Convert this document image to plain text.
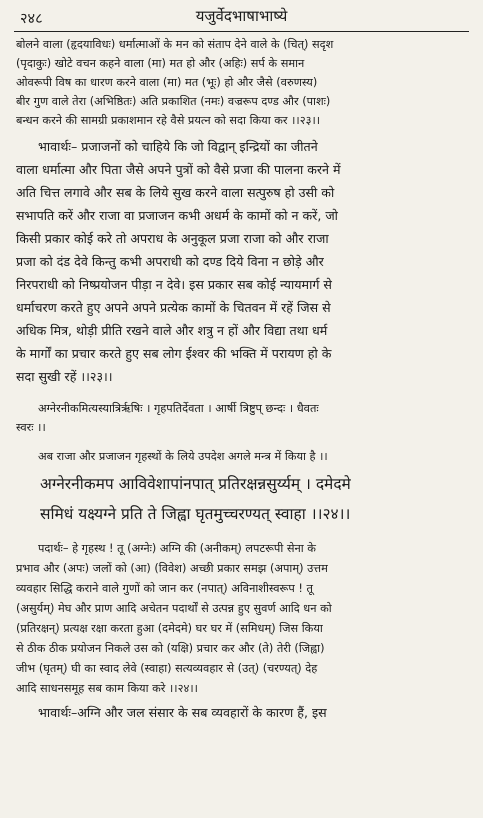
२४८	यजुर्वेदभाषाभाष्ये
बोलने वाला (हृदयाविधः) धर्मात्माओं के मन को संताप देने वाले के (चित्) सदृश
(पृदाकुः) खोटे वचन कहने वाला (मा) मत हो और (अहिः) सर्प के समान
ओवरूपी विष का धारण करने वाला (मा) मत (भूः) हो और जैसे (वरुणस्य)
बीर गुण वाले तेरा (अभिष्ठितः) अति प्रकाशित (नमः) वज्ररूप दण्ड और (पाशः)
बन्धन करने की सामग्री प्रकाशमान रहे वैसे प्रयत्न को सदा किया कर ।।२३।।
भावार्थः– प्रजाजनों को चाहिये कि जो विद्वान् इन्द्रियों का जीतने
वाला धर्मात्मा और पिता जैसे अपने पुत्रों को वैसे प्रजा की पालना करने में
अति चित्त लगावे और सब के लिये सुख करने वाला सत्पुरुष हो उसी को
सभापति करें और राजा वा प्रजाजन कभी अधर्म के कामों को न करें, जो
किसी प्रकार कोई करे तो अपराध के अनुकूल प्रजा राजा को और राजा
प्रजा को दंड देवे किन्तु कभी अपराधी को दण्ड दिये विना न छोड़े और
निरपराधी को निष्प्रयोजन पीड़ा न देवे। इस प्रकार सब कोई न्यायमार्ग से
धर्माचरण करते हुए अपने अपने प्रत्येक कामों के चितवन में रहें जिस से
अधिक मित्र, थोड़ी प्रीति रखने वाले और शत्रु न हों और विद्या तथा धर्म
के मार्गों का प्रचार करते हुए सब लोग ईश्वर की भक्ति में परायण हो के
सदा सुखी रहें ।।२३।।
अग्नेरनीकमित्यस्यात्रिर्ऋषिः । गृहपतिर्देवता । आर्षी त्रिष्टुप् छन्दः । धैवतः
स्वरः ।।
अब राजा और प्रजाजन गृहस्थों के लिये उपदेश अगले मन्त्र में किया है ।।
अग्नेरनीकमप आविवेशापांनपात् प्रतिरक्षन्नसुर्य्यम् । दमेदमे
समिधं यक्ष्यग्ने प्रति ते जिह्वा घृतमुच्चरण्यत् स्वाहा ।।२४।।
पदार्थः– हे गृहस्थ ! तू (अग्नेः) अग्नि की (अनीकम्) लपटरूपी सेना के
प्रभाव और (अपः) जलों को (आ) (विवेश) अच्छी प्रकार समझ (अपाम्) उत्तम
व्यवहार सिद्धि कराने वाले गुणों को जान कर (नपात्) अविनाशीस्वरूप ! तू
(असुर्यम्) मेघ और प्राण आदि अचेतन पदार्थों से उत्पन्न हुए सुवर्ण आदि धन को
(प्रतिरक्षन्) प्रत्यक्ष रक्षा करता हुआ (दमेदमे) घर घर में (समिधम्) जिस किया
से ठीक ठीक प्रयोजन निकले उस को (यक्षि) प्रचार कर और (ते) तेरी (जिह्वा)
जीभ (घृतम्) घी का स्वाद लेवे (स्वाहा) सत्यव्यवहार से (उत्) (चरण्यत्) देह
आदि साधनसमूह सब काम किया करे ।।२४।।
भावार्थः–अग्नि और जल संसार के सब व्यवहारों के कारण हैं, इस
